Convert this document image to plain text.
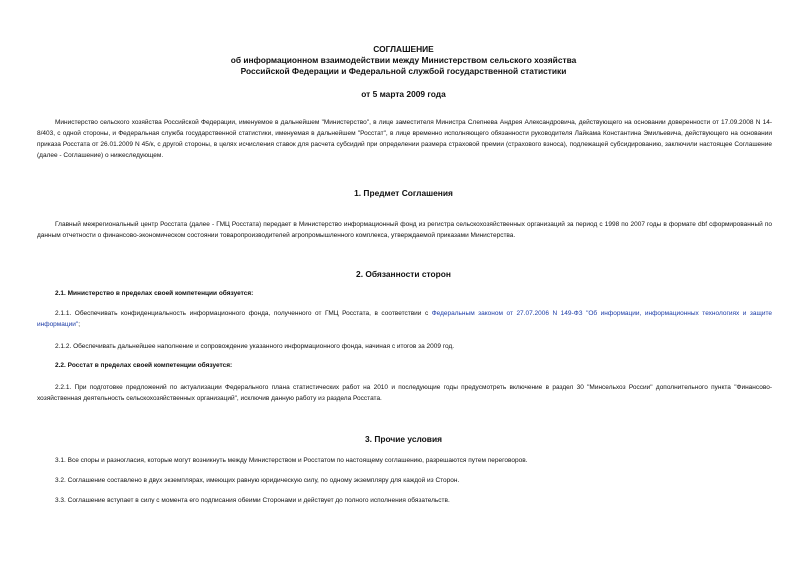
СОГЛАШЕНИЕ
об информационном взаимодействии между Министерством сельского хозяйства
Российской Федерации и Федеральной службой государственной статистики
от 5 марта 2009 года
Министерство сельского хозяйства Российской Федерации, именуемое в дальнейшем "Министерство", в лице заместителя Министра Слепнева Андрея Александровича, действующего на основании доверенности от 17.09.2008 N 14-8/403, с одной стороны, и Федеральная служба государственной статистики, именуемая в дальнейшем "Росстат", в лице временно исполняющего обязанности руководителя Лайкама Константина Эмильевича, действующего на основании приказа Росстата от 26.01.2009 N 45/к, с другой стороны, в целях исчисления ставок для расчета субсидий при определении размера страховой премии (страхового взноса), подлежащей субсидированию, заключили настоящее Соглашение (далее - Соглашение) о нижеследующем.
1. Предмет Соглашения
Главный межрегиональный центр Росстата (далее - ГМЦ Росстата) передает в Министерство информационный фонд из регистра сельскохозяйственных организаций за период с 1998 по 2007 годы в формате dbf сформированный по данным отчетности о финансово-экономическом состоянии товаропроизводителей агропромышленного комплекса, утверждаемой приказами Министерства.
2. Обязанности сторон
2.1. Министерство в пределах своей компетенции обязуется:
2.1.1. Обеспечивать конфиденциальность информационного фонда, полученного от ГМЦ Росстата, в соответствии с Федеральным законом от 27.07.2006 N 149-ФЗ "Об информации, информационных технологиях и защите информации";
2.1.2. Обеспечивать дальнейшее наполнение и сопровождение указанного информационного фонда, начиная с итогов за 2009 год.
2.2. Росстат в пределах своей компетенции обязуется:
2.2.1. При подготовке предложений по актуализации Федерального плана статистических работ на 2010 и последующие годы предусмотреть включение в раздел 30 "Минсельхоз России" дополнительного пункта "Финансово-хозяйственная деятельность сельскохозяйственных организаций", исключив данную работу из раздела Росстата.
3. Прочие условия
3.1. Все споры и разногласия, которые могут возникнуть между Министерством и Росстатом по настоящему соглашению, разрешаются путем переговоров.
3.2. Соглашение составлено в двух экземплярах, имеющих равную юридическую силу, по одному экземпляру для каждой из Сторон.
3.3. Соглашение вступает в силу с момента его подписания обеими Сторонами и действует до полного исполнения обязательств.
